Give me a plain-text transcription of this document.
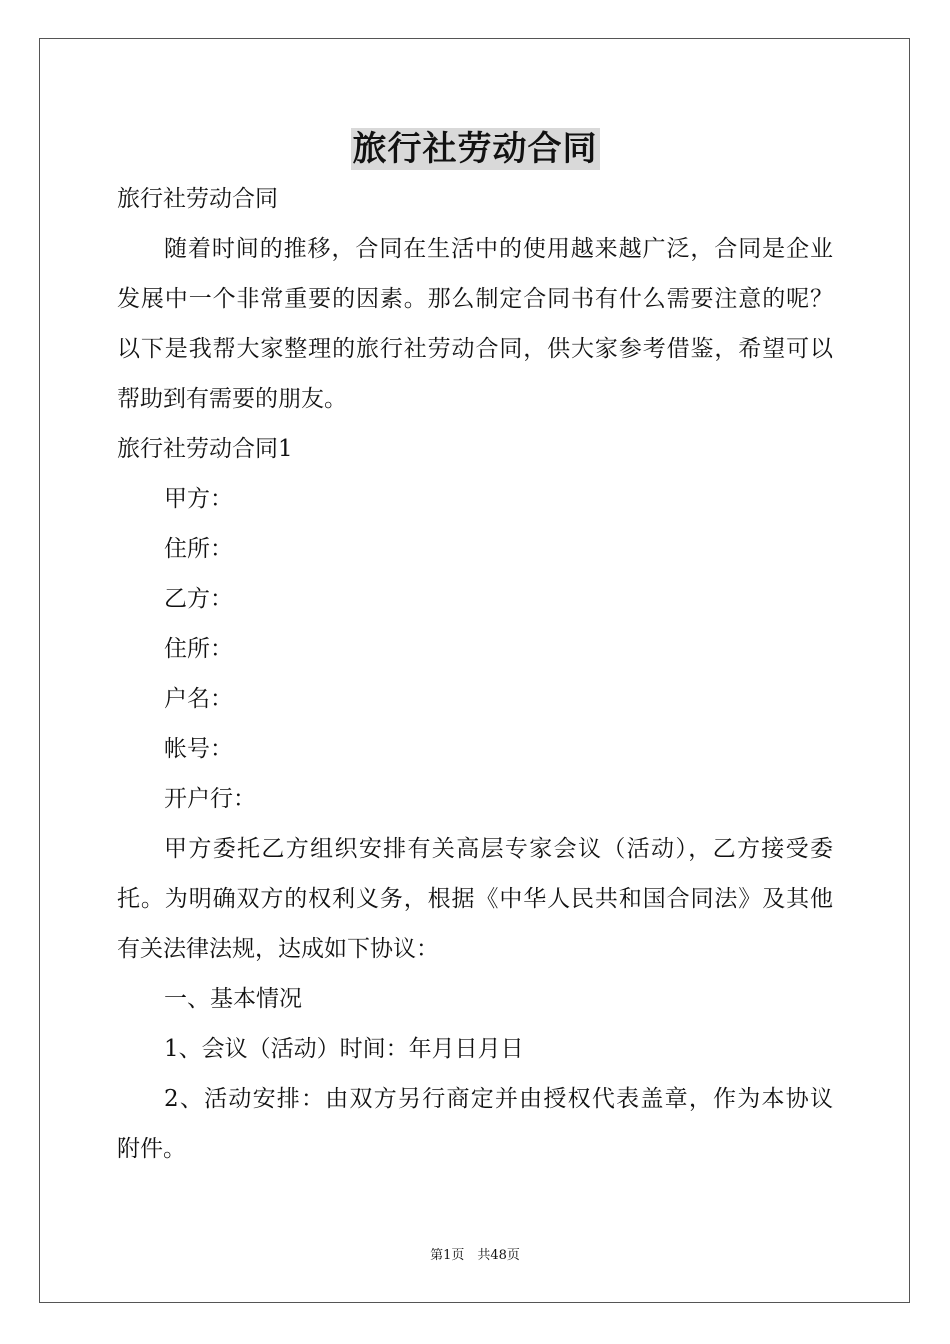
旅行社劳动合同
旅行社劳动合同
随着时间的推移，合同在生活中的使用越来越广泛，合同是企业
发展中一个非常重要的因素。那么制定合同书有什么需要注意的呢？
以下是我帮大家整理的旅行社劳动合同，供大家参考借鉴，希望可以
帮助到有需要的朋友。
旅行社劳动合同1
甲方：
住所：
乙方：
住所：
户名：
帐号：
开户行：
甲方委托乙方组织安排有关高层专家会议（活动），乙方接受委
托。为明确双方的权利义务，根据《中华人民共和国合同法》及其他
有关法律法规，达成如下协议：
一、基本情况
1、会议（活动）时间：年月日月日
2、活动安排：由双方另行商定并由授权代表盖章，作为本协议
附件。
第1页　共48页
